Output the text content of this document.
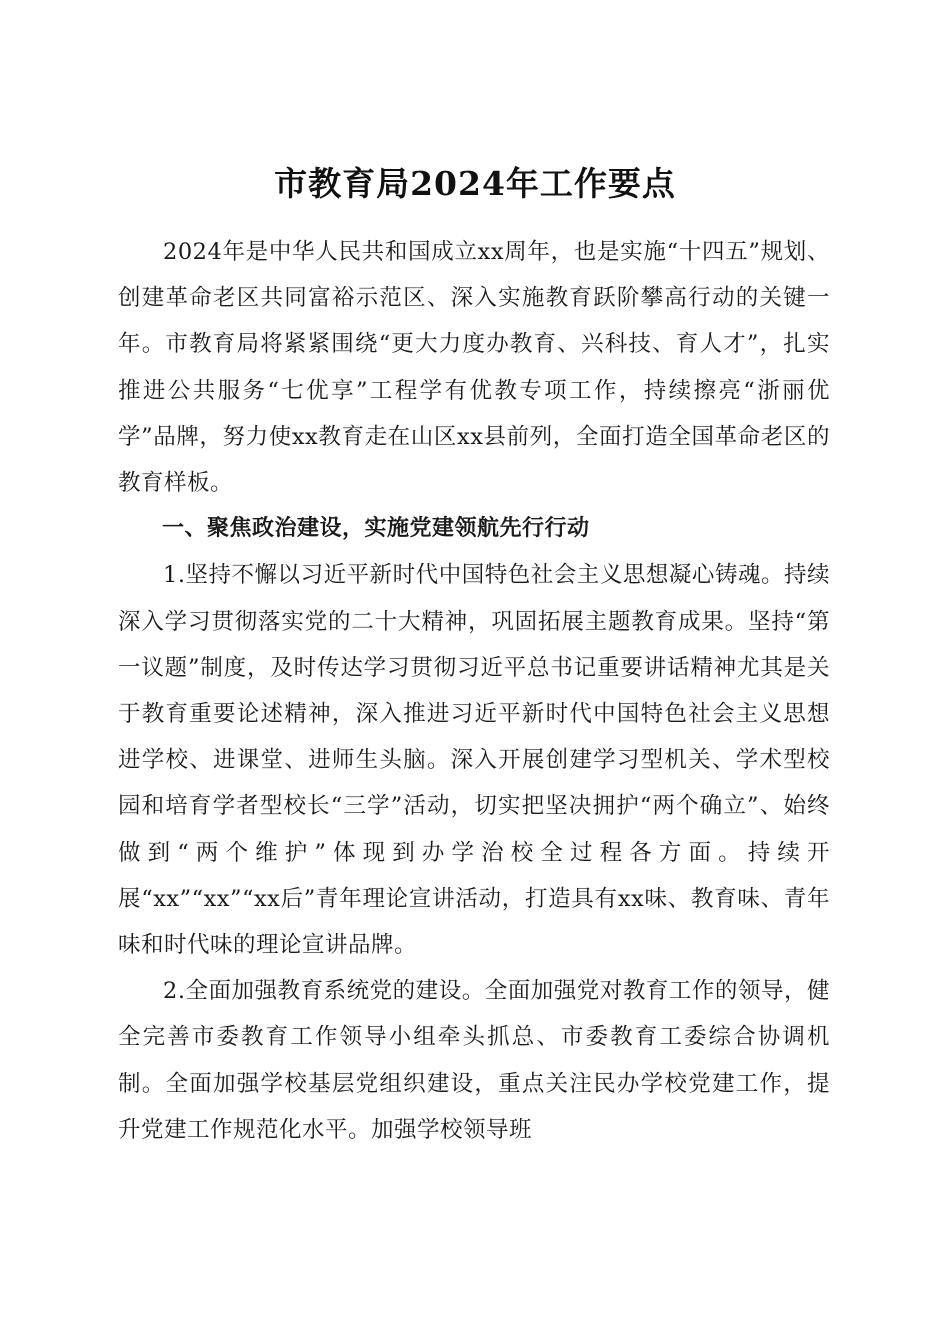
市教育局2024年工作要点

2024年是中华人民共和国成立xx周年，也是实施“十四五”规划、创建革命老区共同富裕示范区、深入实施教育跃阶攀高行动的关键一年。市教育局将紧紧围绕“更大力度办教育、兴科技、育人才”，扎实推进公共服务“七优享”工程学有优教专项工作，持续擦亮“浙丽优学”品牌，努力使xx教育走在山区xx县前列，全面打造全国革命老区的教育样板。

一、聚焦政治建设，实施党建领航先行行动

1.坚持不懈以习近平新时代中国特色社会主义思想凝心铸魂。持续深入学习贯彻落实党的二十大精神，巩固拓展主题教育成果。坚持“第一议题”制度，及时传达学习贯彻习近平总书记重要讲话精神尤其是关于教育重要论述精神，深入推进习近平新时代中国特色社会主义思想进学校、进课堂、进师生头脑。深入开展创建学习型机关、学术型校园和培育学者型校长“三学”活动，切实把坚决拥护“两个确立”、始终做到“两个维护”体现到办学治校全过程各方面。持续开展“xx”“xx”“xx后”青年理论宣讲活动，打造具有xx味、教育味、青年味和时代味的理论宣讲品牌。

2.全面加强教育系统党的建设。全面加强党对教育工作的领导，健全完善市委教育工作领导小组牵头抓总、市委教育工委综合协调机制。全面加强学校基层党组织建设，重点关注民办学校党建工作，提升党建工作规范化水平。加强学校领导班
